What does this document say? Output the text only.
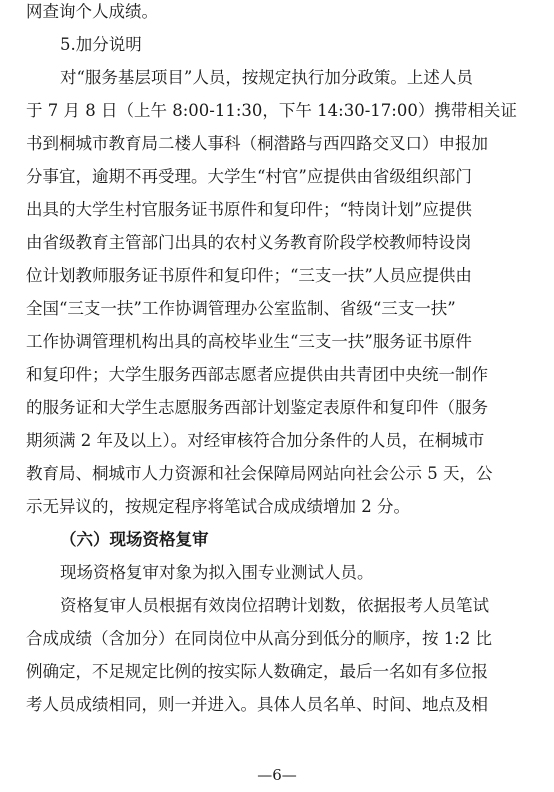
网查询个人成绩。
5.加分说明
对“服务基层项目”人员，按规定执行加分政策。上述人员
于 7 月 8 日（上午 8:00-11:30，下午 14:30-17:00）携带相关证
书到桐城市教育局二楼人事科（桐潜路与西四路交叉口）申报加
分事宜，逾期不再受理。大学生“村官”应提供由省级组织部门
出具的大学生村官服务证书原件和复印件；“特岗计划”应提供
由省级教育主管部门出具的农村义务教育阶段学校教师特设岗
位计划教师服务证书原件和复印件；“三支一扶”人员应提供由
全国“三支一扶”工作协调管理办公室监制、省级“三支一扶”
工作协调管理机构出具的高校毕业生“三支一扶”服务证书原件
和复印件；大学生服务西部志愿者应提供由共青团中央统一制作
的服务证和大学生志愿服务西部计划鉴定表原件和复印件（服务
期须满 2 年及以上）。对经审核符合加分条件的人员，在桐城市
教育局、桐城市人力资源和社会保障局网站向社会公示 5 天，公
示无异议的，按规定程序将笔试合成成绩增加 2 分。
（六）现场资格复审
现场资格复审对象为拟入围专业测试人员。
资格复审人员根据有效岗位招聘计划数，依据报考人员笔试
合成成绩（含加分）在同岗位中从高分到低分的顺序，按 1:2 比
例确定，不足规定比例的按实际人数确定，最后一名如有多位报
考人员成绩相同，则一并进入。具体人员名单、时间、地点及相
—6—
